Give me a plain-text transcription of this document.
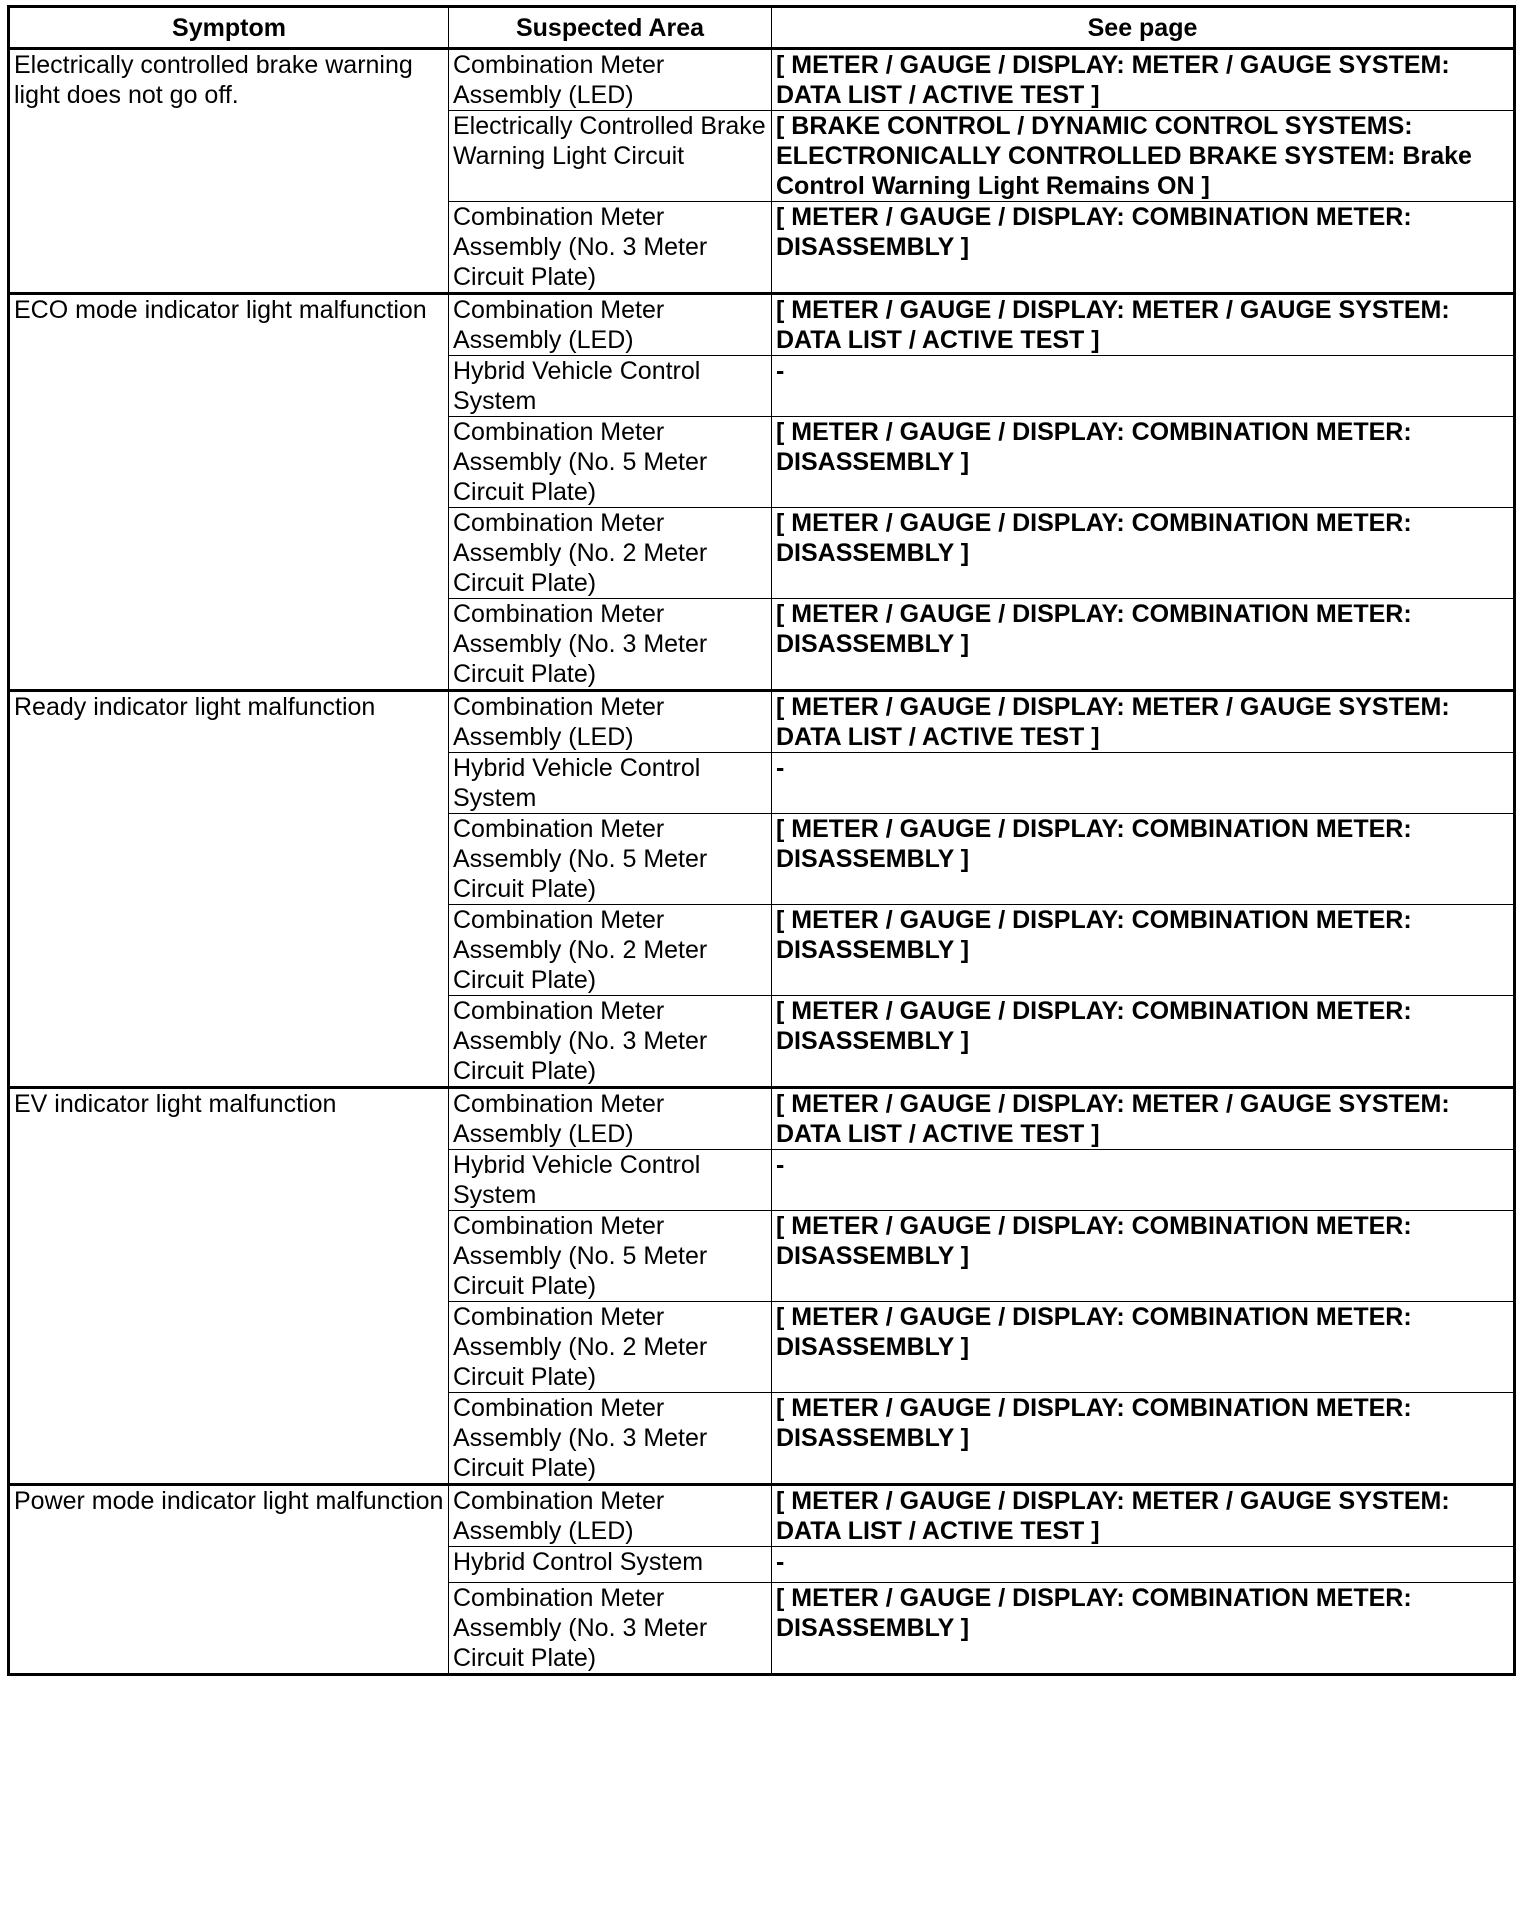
Symptom	Suspected Area	See page
Electrically controlled brake warning light does not go off.	Combination Meter Assembly (LED)	[ METER / GAUGE / DISPLAY: METER / GAUGE SYSTEM: DATA LIST / ACTIVE TEST ]
	Electrically Controlled Brake Warning Light Circuit	[ BRAKE CONTROL / DYNAMIC CONTROL SYSTEMS: ELECTRONICALLY CONTROLLED BRAKE SYSTEM: Brake Control Warning Light Remains ON ]
	Combination Meter Assembly (No. 3 Meter Circuit Plate)	[ METER / GAUGE / DISPLAY: COMBINATION METER: DISASSEMBLY ]
ECO mode indicator light malfunction	Combination Meter Assembly (LED)	[ METER / GAUGE / DISPLAY: METER / GAUGE SYSTEM: DATA LIST / ACTIVE TEST ]
	Hybrid Vehicle Control System	-
	Combination Meter Assembly (No. 5 Meter Circuit Plate)	[ METER / GAUGE / DISPLAY: COMBINATION METER: DISASSEMBLY ]
	Combination Meter Assembly (No. 2 Meter Circuit Plate)	[ METER / GAUGE / DISPLAY: COMBINATION METER: DISASSEMBLY ]
	Combination Meter Assembly (No. 3 Meter Circuit Plate)	[ METER / GAUGE / DISPLAY: COMBINATION METER: DISASSEMBLY ]
Ready indicator light malfunction	Combination Meter Assembly (LED)	[ METER / GAUGE / DISPLAY: METER / GAUGE SYSTEM: DATA LIST / ACTIVE TEST ]
	Hybrid Vehicle Control System	-
	Combination Meter Assembly (No. 5 Meter Circuit Plate)	[ METER / GAUGE / DISPLAY: COMBINATION METER: DISASSEMBLY ]
	Combination Meter Assembly (No. 2 Meter Circuit Plate)	[ METER / GAUGE / DISPLAY: COMBINATION METER: DISASSEMBLY ]
	Combination Meter Assembly (No. 3 Meter Circuit Plate)	[ METER / GAUGE / DISPLAY: COMBINATION METER: DISASSEMBLY ]
EV indicator light malfunction	Combination Meter Assembly (LED)	[ METER / GAUGE / DISPLAY: METER / GAUGE SYSTEM: DATA LIST / ACTIVE TEST ]
	Hybrid Vehicle Control System	-
	Combination Meter Assembly (No. 5 Meter Circuit Plate)	[ METER / GAUGE / DISPLAY: COMBINATION METER: DISASSEMBLY ]
	Combination Meter Assembly (No. 2 Meter Circuit Plate)	[ METER / GAUGE / DISPLAY: COMBINATION METER: DISASSEMBLY ]
	Combination Meter Assembly (No. 3 Meter Circuit Plate)	[ METER / GAUGE / DISPLAY: COMBINATION METER: DISASSEMBLY ]
Power mode indicator light malfunction	Combination Meter Assembly (LED)	[ METER / GAUGE / DISPLAY: METER / GAUGE SYSTEM: DATA LIST / ACTIVE TEST ]
	Hybrid Control System	-
	Combination Meter Assembly (No. 3 Meter Circuit Plate)	[ METER / GAUGE / DISPLAY: COMBINATION METER: DISASSEMBLY ]
